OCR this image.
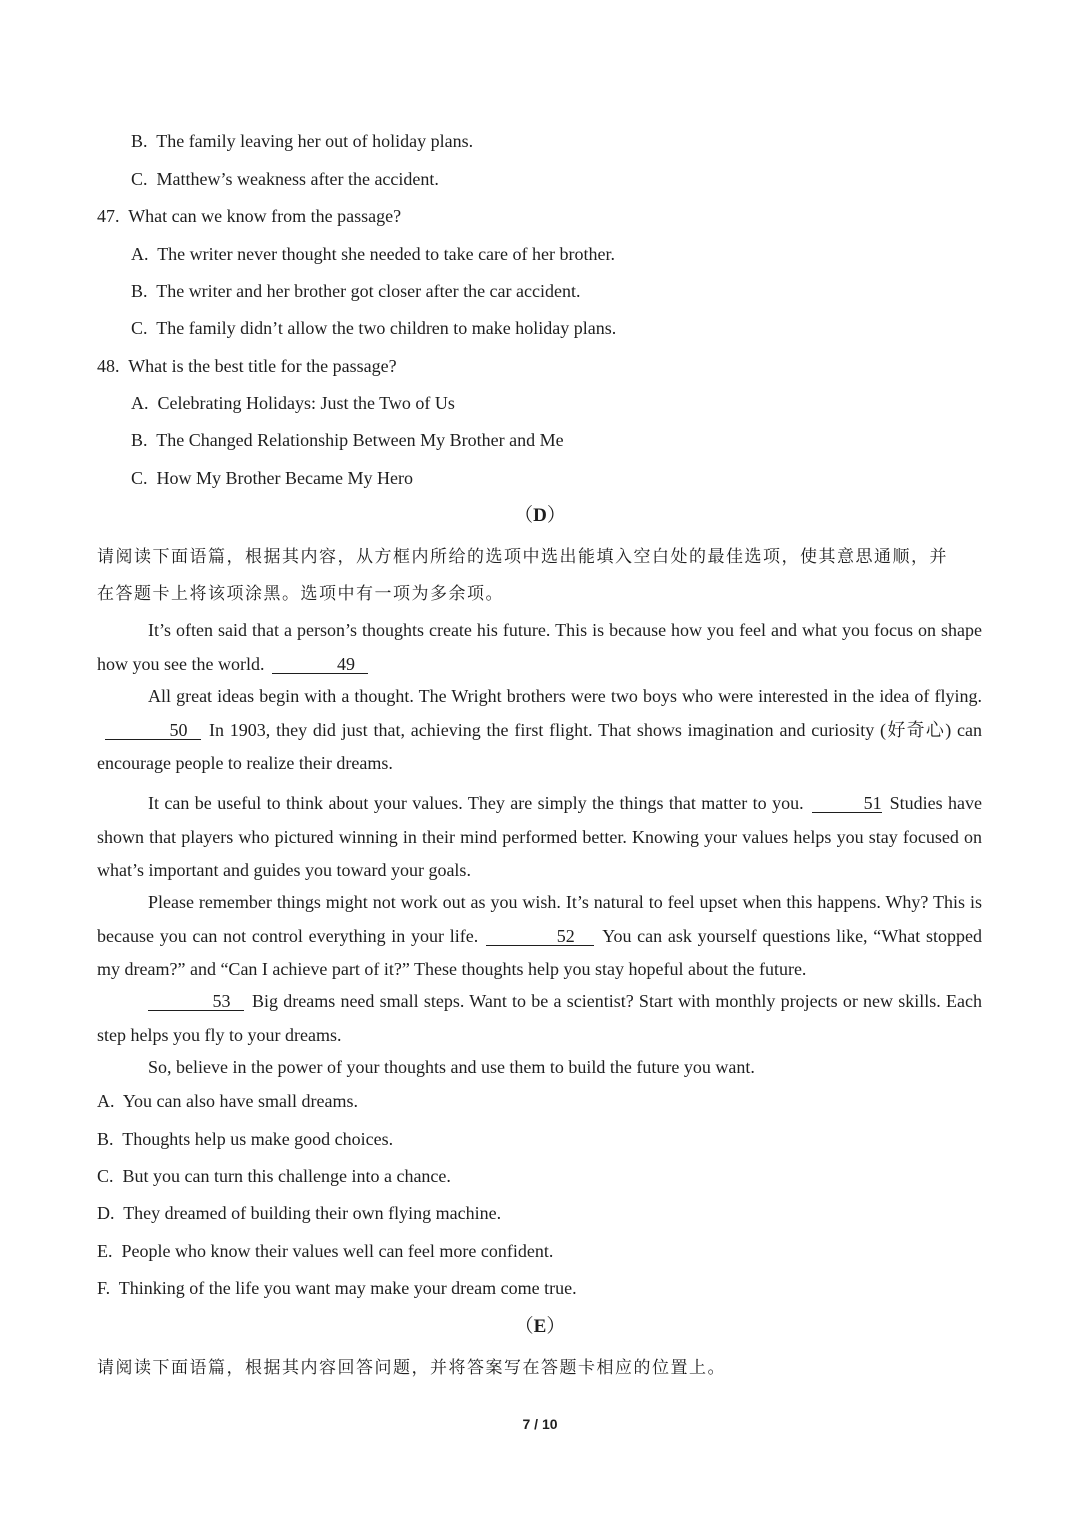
B. The family leaving her out of holiday plans.
C. Matthew’s weakness after the accident.
47. What can we know from the passage?
A. The writer never thought she needed to take care of her brother.
B. The writer and her brother got closer after the car accident.
C. The family didn’t allow the two children to make holiday plans.
48. What is the best title for the passage?
A. Celebrating Holidays: Just the Two of Us
B. The Changed Relationship Between My Brother and Me
C. How My Brother Became My Hero
（D）
请阅读下面语篇，根据其内容，从方框内所给的选项中选出能填入空白处的最佳选项，使其意思通顺，并
在答题卡上将该项涂黑。选项中有一项为多余项。
It’s often said that a person’s thoughts create his future. This is because how you feel and what you focus on shape how you see the world.	49
All great ideas begin with a thought. The Wright brothers were two boys who were interested in the idea of flying.50 In 1903, they did just that, achieving the first flight. That shows imagination and curiosity (好奇心) can encourage people to realize their dreams.
It can be useful to think about your values. They are simply the things that matter to you.	51 Studies have shown that players who pictured winning in their mind performed better. Knowing your values helps you stay focused on what’s important and guides you toward your goals.
Please remember things might not work out as you wish. It’s natural to feel upset when this happens. Why? This is because you can not control everything in your life.	52 You can ask yourself questions like, “What stopped my dream?” and “Can I achieve part of it?” These thoughts help you stay hopeful about the future.
53 Big dreams need small steps. Want to be a scientist? Start with monthly projects or new skills. Each step helps you fly to your dreams.
So, believe in the power of your thoughts and use them to build the future you want.
A. You can also have small dreams.
B. Thoughts help us make good choices.
C. But you can turn this challenge into a chance.
D. They dreamed of building their own flying machine.
E. People who know their values well can feel more confident.
F. Thinking of the life you want may make your dream come true.
（E）
请阅读下面语篇，根据其内容回答问题，并将答案写在答题卡相应的位置上。
7 / 10
